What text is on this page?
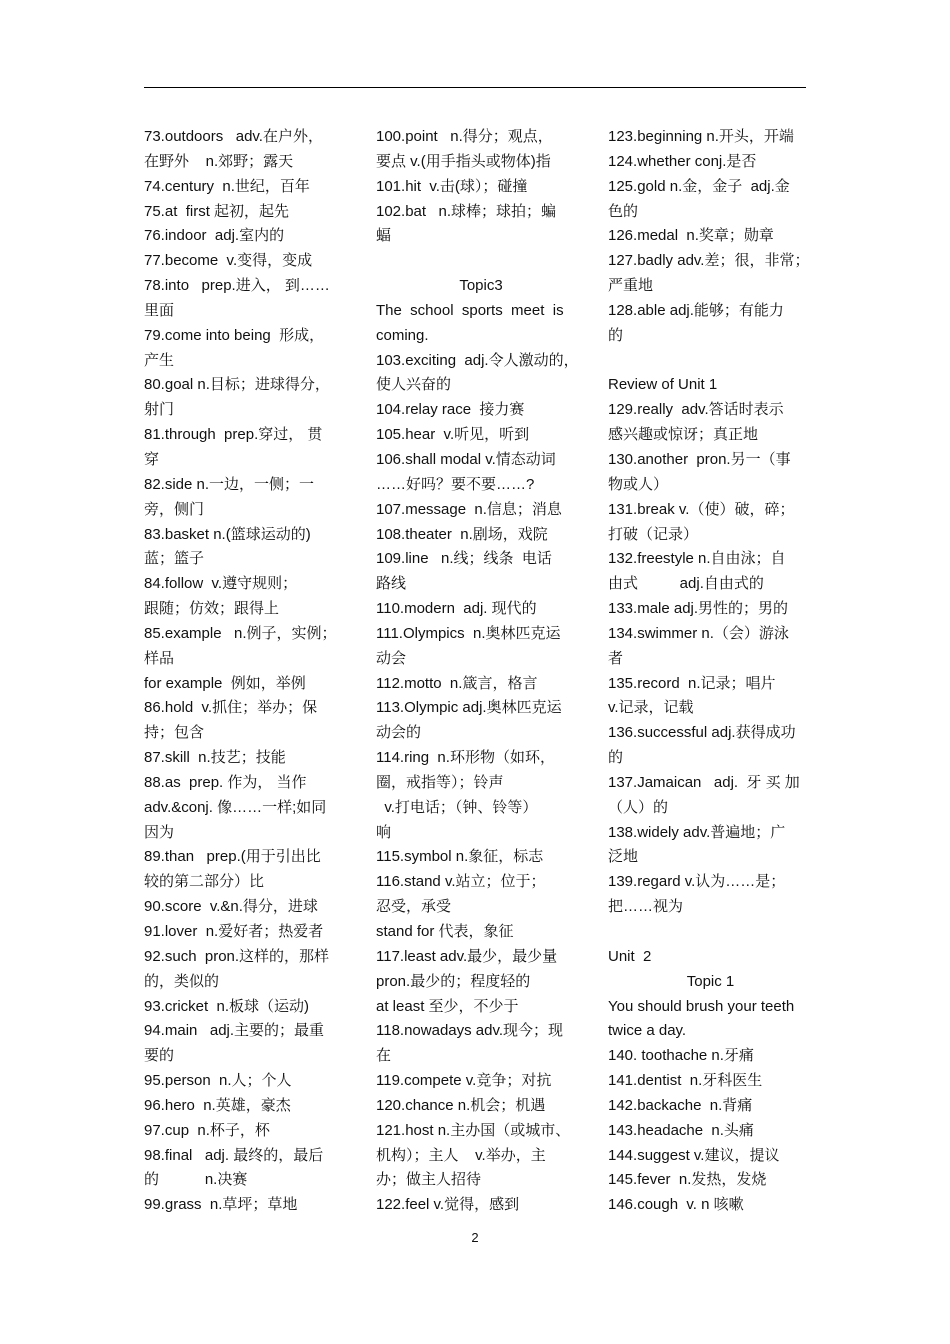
73.outdoors   adv.在户外，
在野外    n.郊野；露天
74.century  n.世纪，百年
75.at  first 起初，起先
76.indoor  adj.室内的
77.become  v.变得，变成
78.into   prep.进入， 到……
里面
79.come into being  形成，
产生
80.goal n.目标；进球得分，
射门
81.through  prep.穿过， 贯
穿
82.side n.一边，一侧；一
旁，侧门
83.basket n.(篮球运动的)
蓝；篮子
84.follow  v.遵守规则；
跟随；仿效；跟得上
85.example   n.例子，实例；
样品
for example  例如，举例
86.hold  v.抓住；举办；保
持；包含
87.skill  n.技艺；技能
88.as  prep. 作为， 当作
adv.&conj. 像……一样;如同
因为
89.than   prep.(用于引出比
较的第二部分）比
90.score  v.&n.得分，进球
91.lover  n.爱好者；热爱者
92.such  pron.这样的，那样
的，类似的
93.cricket  n.板球（运动)
94.main   adj.主要的；最重
要的
95.person  n.人；个人
96.hero  n.英雄，豪杰
97.cup  n.杯子，杯
98.final   adj. 最终的，最后
的           n.决赛
99.grass  n.草坪；草地
100.point   n.得分；观点，
要点 v.(用手指头或物体)指
101.hit  v.击(球）；碰撞
102.bat   n.球棒；球拍；蝙
蝠
Topic3
The  school  sports  meet  is
coming.
103.exciting  adj.令人激动的，
使人兴奋的
104.relay race  接力赛
105.hear  v.听见，听到
106.shall modal v.情态动词
……好吗？要不要……?
107.message  n.信息；消息
108.theater  n.剧场，戏院
109.line   n.线；线条  电话
路线
110.modern  adj. 现代的
111.Olympics  n.奥林匹克运
动会
112.motto  n.箴言，格言
113.Olympic adj.奥林匹克运
动会的
114.ring  n.环形物（如环，
圈，戒指等）；铃声
v.打电话；（钟、铃等）
响
115.symbol n.象征，标志
116.stand v.站立；位于；
忍受，承受
stand for 代表，象征
117.least adv.最少，最少量
pron.最少的；程度轻的
at least 至少，不少于
118.nowadays adv.现今；现
在
119.compete v.竞争；对抗
120.chance n.机会；机遇
121.host n.主办国（或城市、
机构）；主人    v.举办，主
办；做主人招待
122.feel v.觉得，感到
123.beginning n.开头，开端
124.whether conj.是否
125.gold n.金，金子  adj.金
色的
126.medal  n.奖章；勋章
127.badly adv.差；很，非常；
严重地
128.able adj.能够；有能力
的
Review of Unit 1
129.really  adv.答话时表示
感兴趣或惊讶；真正地
130.another  pron.另一（事
物或人）
131.break v.（使）破，碎；
打破（记录）
132.freestyle n.自由泳；自
由式          adj.自由式的
133.male adj.男性的；男的
134.swimmer n.（会）游泳
者
135.record  n.记录；唱片
v.记录，记载
136.successful adj.获得成功
的
137.Jamaican   adj.  牙 买 加
（人）的
138.widely adv.普遍地；广
泛地
139.regard v.认为……是；
把……视为
Unit  2
Topic 1
You should brush your teeth
twice a day.
140. toothache n.牙痛
141.dentist  n.牙科医生
142.backache  n.背痛
143.headache  n.头痛
144.suggest v.建议，提议
145.fever  n.发热，发烧
146.cough  v. n 咳嗽
2
